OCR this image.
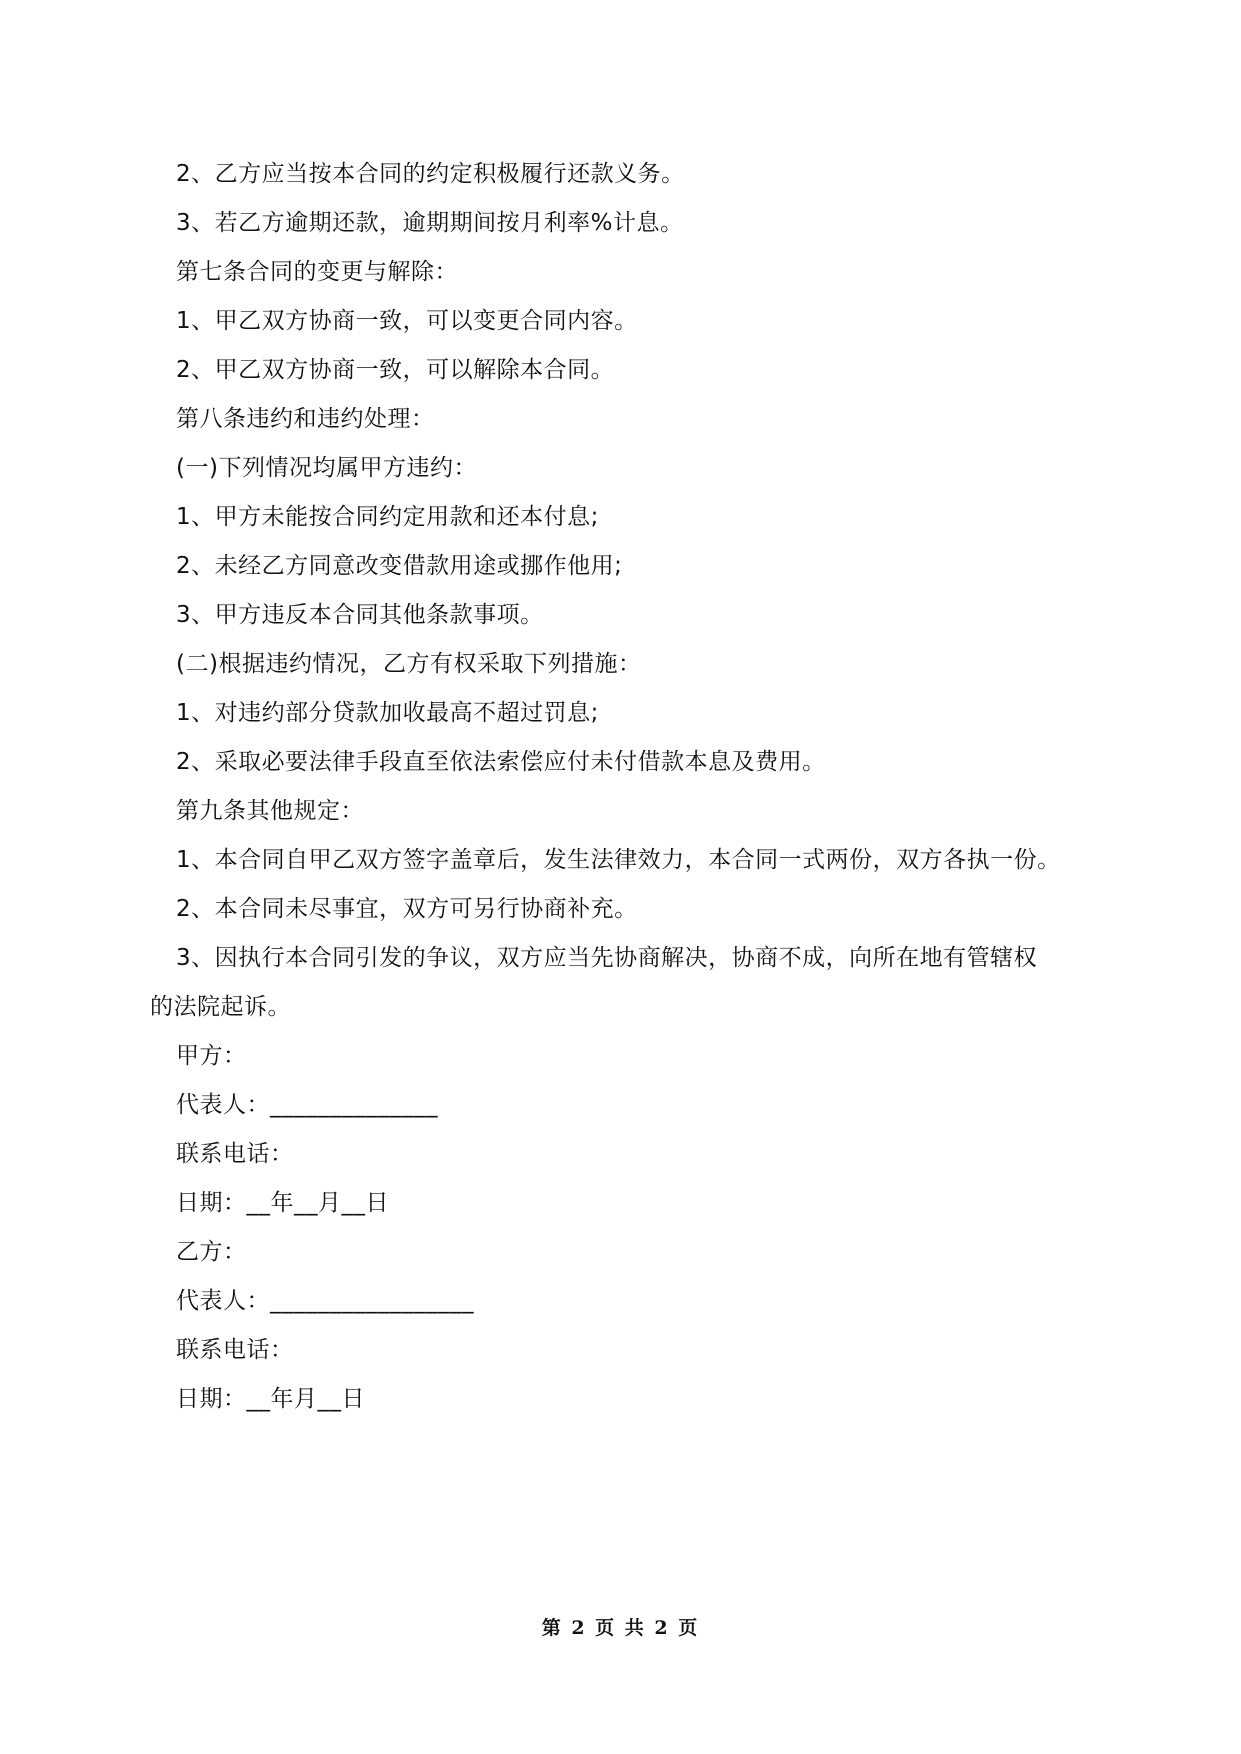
2、乙方应当按本合同的约定积极履行还款义务。
3、若乙方逾期还款，逾期期间按月利率%计息。
第七条合同的变更与解除：
1、甲乙双方协商一致，可以变更合同内容。
2、甲乙双方协商一致，可以解除本合同。
第八条违约和违约处理：
(一)下列情况均属甲方违约：
1、甲方未能按合同约定用款和还本付息;
2、未经乙方同意改变借款用途或挪作他用;
3、甲方违反本合同其他条款事项。
(二)根据违约情况，乙方有权采取下列措施：
1、对违约部分贷款加收最高不超过罚息;
2、采取必要法律手段直至依法索偿应付未付借款本息及费用。
第九条其他规定：
1、本合同自甲乙双方签字盖章后，发生法律效力，本合同一式两份，双方各执一份。
2、本合同未尽事宜，双方可另行协商补充。
3、因执行本合同引发的争议，双方应当先协商解决，协商不成，向所在地有管辖权
的法院起诉。
甲方：
代表人：______________
联系电话：
日期：__年__月__日
乙方：
代表人：_________________
联系电话：
日期：__年月__日
第 2 页 共 2 页
